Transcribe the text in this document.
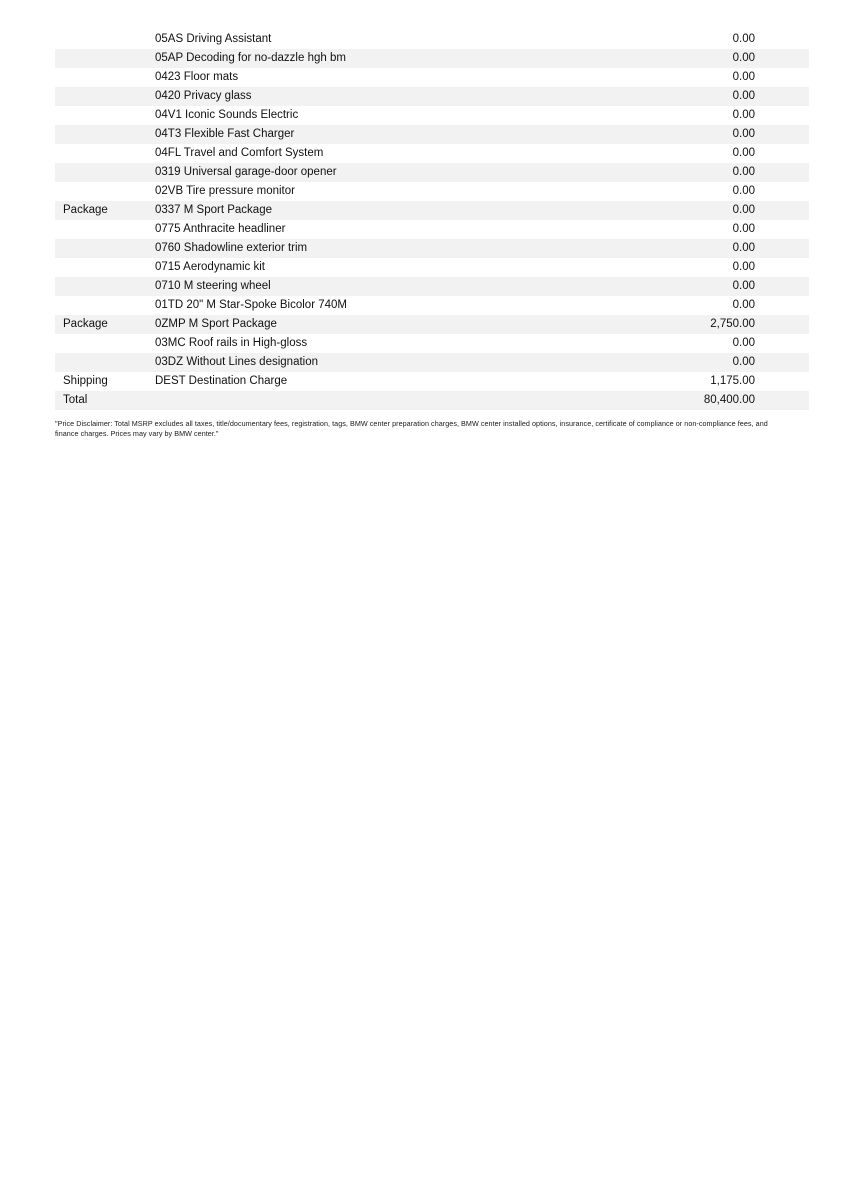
	05AS Driving Assistant	0.00	
	05AP Decoding for no-dazzle hgh bm	0.00	
	0423 Floor mats	0.00	
	0420 Privacy glass	0.00	
	04V1 Iconic Sounds Electric	0.00	
	04T3 Flexible Fast Charger	0.00	
	04FL Travel and Comfort System	0.00	
	0319 Universal garage-door opener	0.00	
	02VB Tire pressure monitor	0.00	
Package	0337 M Sport Package	0.00	
	0775 Anthracite headliner	0.00	
	0760 Shadowline exterior trim	0.00	
	0715 Aerodynamic kit	0.00	
	0710 M steering wheel	0.00	
	01TD 20" M Star-Spoke Bicolor 740M	0.00	
Package	0ZMP M Sport Package	2,750.00	
	03MC Roof rails in High-gloss	0.00	
	03DZ Without Lines designation	0.00	
Shipping	DEST Destination Charge	1,175.00	
Total		80,400.00	
"Price Disclaimer: Total MSRP excludes all taxes, title/documentary fees, registration, tags, BMW center preparation charges, BMW center installed options, insurance, certificate of compliance or non-compliance fees, and finance charges. Prices may vary by BMW center."
